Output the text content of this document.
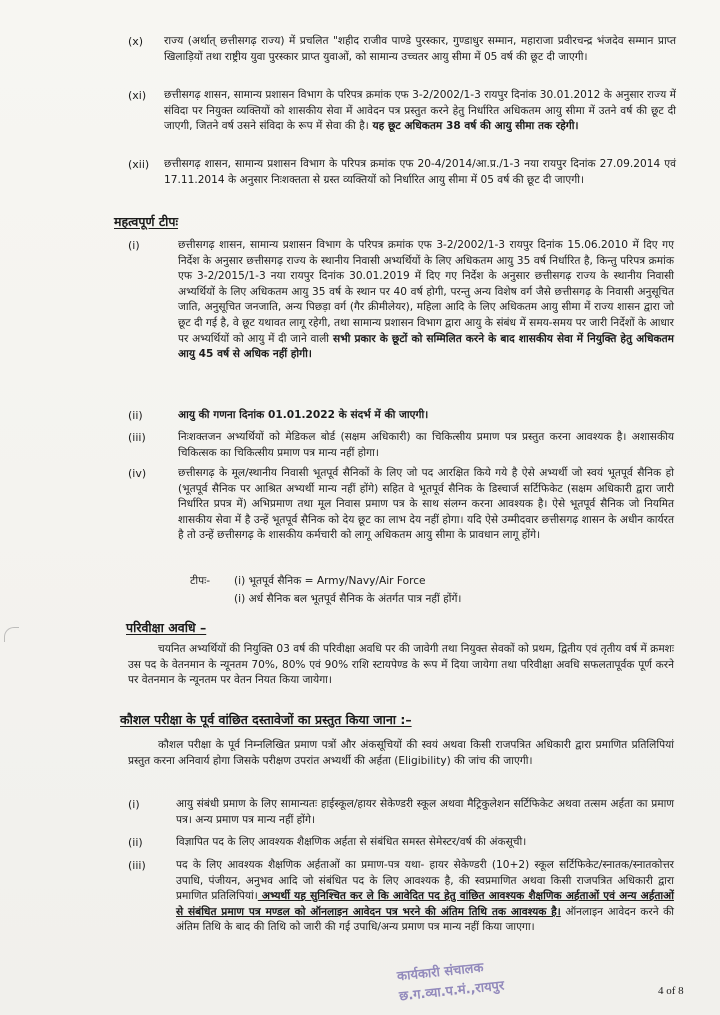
(x)	राज्य (अर्थात् छत्तीसगढ़ राज्य) में प्रचलित "शहीद राजीव पाण्डे पुरस्कार, गुण्डाधुर सम्मान, महाराजा प्रवीरचन्द्र भंजदेव सम्मान प्राप्त खिलाड़ियों तथा राष्ट्रीय युवा पुरस्कार प्राप्त युवाओं, को सामान्य उच्चतर आयु सीमा में 05 वर्ष की छूट दी जाएगी।
(xi)	छत्तीसगढ़ शासन, सामान्य प्रशासन विभाग के परिपत्र क्रमांक एफ 3-2/2002/1-3 रायपुर दिनांक 30.01.2012 के अनुसार राज्य में संविदा पर नियुक्त व्यक्तियों को शासकीय सेवा में आवेदन पत्र प्रस्तुत करने हेतु निर्धारित अधिकतम आयु सीमा में उतने वर्ष की छूट दी जाएगी, जितने वर्ष उसने संविदा के रूप में सेवा की है। यह छूट अधिकतम 38 वर्ष की आयु सीमा तक रहेगी।
(xii)	छत्तीसगढ़ शासन, सामान्य प्रशासन विभाग के परिपत्र क्रमांक एफ 20-4/2014/आ.प्र./1-3 नया रायपुर दिनांक 27.09.2014 एवं 17.11.2014 के अनुसार निःशक्तता से ग्रस्त व्यक्तियों को निर्धारित आयु सीमा में 05 वर्ष की छूट दी जाएगी।
महत्वपूर्ण टीपः
(i)	छत्तीसगढ़ शासन, सामान्य प्रशासन विभाग के परिपत्र क्रमांक एफ 3-2/2002/1-3 रायपुर दिनांक 15.06.2010 में दिए गए निर्देश के अनुसार छत्तीसगढ़ राज्य के स्थानीय निवासी अभ्यर्थियों के लिए अधिकतम आयु 35 वर्ष निर्धारित है, किन्तु परिपत्र क्रमांक एफ 3-2/2015/1-3 नया रायपुर दिनांक 30.01.2019 में दिए गए निर्देश के अनुसार छत्तीसगढ़ राज्य के स्थानीय निवासी अभ्यर्थियों के लिए अधिकतम आयु 35 वर्ष के स्थान पर 40 वर्ष होगी, परन्तु अन्य विशेष वर्ग जैसे छत्तीसगढ़ के निवासी अनुसूचित जाति, अनुसूचित जनजाति, अन्य पिछड़ा वर्ग (गैर क्रीमीलेयर), महिला आदि के लिए अधिकतम आयु सीमा में राज्य शासन द्वारा जो छूट दी गई है, वे छूट यथावत लागू रहेगी, तथा सामान्य प्रशासन विभाग द्वारा आयु के संबंध में समय-समय पर जारी निर्देशों के आधार पर अभ्यर्थियों को आयु में दी जाने वाली सभी प्रकार के छूटों को सम्मिलित करने के बाद शासकीय सेवा में नियुक्ति हेतु अधिकतम आयु 45 वर्ष से अधिक नहीं होगी।
(ii)	आयु की गणना दिनांक 01.01.2022 के संदर्भ में की जाएगी।
(iii)	निःशक्तजन अभ्यर्थियों को मेडिकल बोर्ड (सक्षम अधिकारी) का चिकित्सीय प्रमाण पत्र प्रस्तुत करना आवश्यक है। अशासकीय चिकित्सक का चिकित्सीय प्रमाण पत्र मान्य नहीं होगा।
(iv)	छत्तीसगढ़ के मूल/स्थानीय निवासी भूतपूर्व सैनिकों के लिए जो पद आरक्षित किये गये है ऐसे अभ्यर्थी जो स्वयं भूतपूर्व सैनिक हो (भूतपूर्व सैनिक पर आश्रित अभ्यर्थी मान्य नहीं होंगे) सहित वे भूतपूर्व सैनिक के डिस्चार्ज सर्टिफिकेट (सक्षम अधिकारी द्वारा जारी निर्धारित प्रपत्र में) अभिप्रमाण तथा मूल निवास प्रमाण पत्र के साथ संलग्न करना आवश्यक है। ऐसे भूतपूर्व सैनिक जो नियमित शासकीय सेवा में है उन्हें भूतपूर्व सैनिक को देय छूट का लाभ देय नहीं होगा। यदि ऐसे उम्मीदवार छत्तीसगढ़ शासन के अधीन कार्यरत है तो उन्हें छत्तीसगढ़ के शासकीय कर्मचारी को लागू अधिकतम आयु सीमा के प्रावधान लागू होंगे।
टीपः- (i) भूतपूर्व सैनिक = Army/Navy/Air Force
(i) अर्ध सैनिक बल भूतपूर्व सैनिक के अंतर्गत पात्र नहीं होंगें।
परिवीक्षा अवधि –
चयनित अभ्यर्थियों की नियुक्ति 03 वर्ष की परिवीक्षा अवधि पर की जावेगी तथा नियुक्त सेवकों को प्रथम, द्वितीय एवं तृतीय वर्ष में क्रमशः उस पद के वेतनमान के न्यूनतम 70%, 80% एवं 90% राशि स्टायपेण्ड के रूप में दिया जायेगा तथा परिवीक्षा अवधि सफलतापूर्वक पूर्ण करने पर वेतनमान के न्यूनतम पर वेतन नियत किया जायेगा।
कौशल परीक्षा के पूर्व वांछित दस्तावेजों का प्रस्तुत किया जाना :–
कौशल परीक्षा के पूर्व निम्नलिखित प्रमाण पत्रों और अंकसूचियों की स्वयं अथवा किसी राजपत्रित अधिकारी द्वारा प्रमाणित प्रतिलिपियां प्रस्तुत करना अनिवार्य होगा जिसके परीक्षण उपरांत अभ्यर्थी की अर्हता (Eligibility) की जांच की जाएगी।
(i)	आयु संबंधी प्रमाण के लिए सामान्यतः हाईस्कूल/हायर सेकेण्डरी स्कूल अथवा मैट्रिकुलेशन सर्टिफिकेट अथवा तत्सम अर्हता का प्रमाण पत्र। अन्य प्रमाण पत्र मान्य नहीं होंगे।
(ii)	विज्ञापित पद के लिए आवश्यक शैक्षणिक अर्हता से संबंधित समस्त सेमेस्टर/वर्ष की अंकसूची।
(iii)	पद के लिए आवश्यक शैक्षणिक अर्हताओं का प्रमाण-पत्र यथा- हायर सेकेण्डरी (10+2) स्कूल सर्टिफिकेट/स्नातक/स्नातकोत्तर उपाधि, पंजीयन, अनुभव आदि जो संबंधित पद के लिए आवश्यक है, की स्वप्रमाणित अथवा किसी राजपत्रित अधिकारी द्वारा प्रमाणित प्रतिलिपियां। अभ्यर्थी यह सुनिश्चित कर ले कि आवेदित पद हेतु वांछित आवश्यक शैक्षणिक अर्हताओं एवं अन्य अर्हताओं से संबंधित प्रमाण पत्र मण्डल को ऑनलाइन आवेदन पत्र भरने की अंतिम तिथि तक आवश्यक है। ऑनलाइन आवेदन करने की अंतिम तिथि के बाद की तिथि को जारी की गई उपाधि/अन्य प्रमाण पत्र मान्य नहीं किया जाएगा।
कार्यकारी संचालक
छ.ग.व्या.प.मं.,रायपुर	4 of 8
